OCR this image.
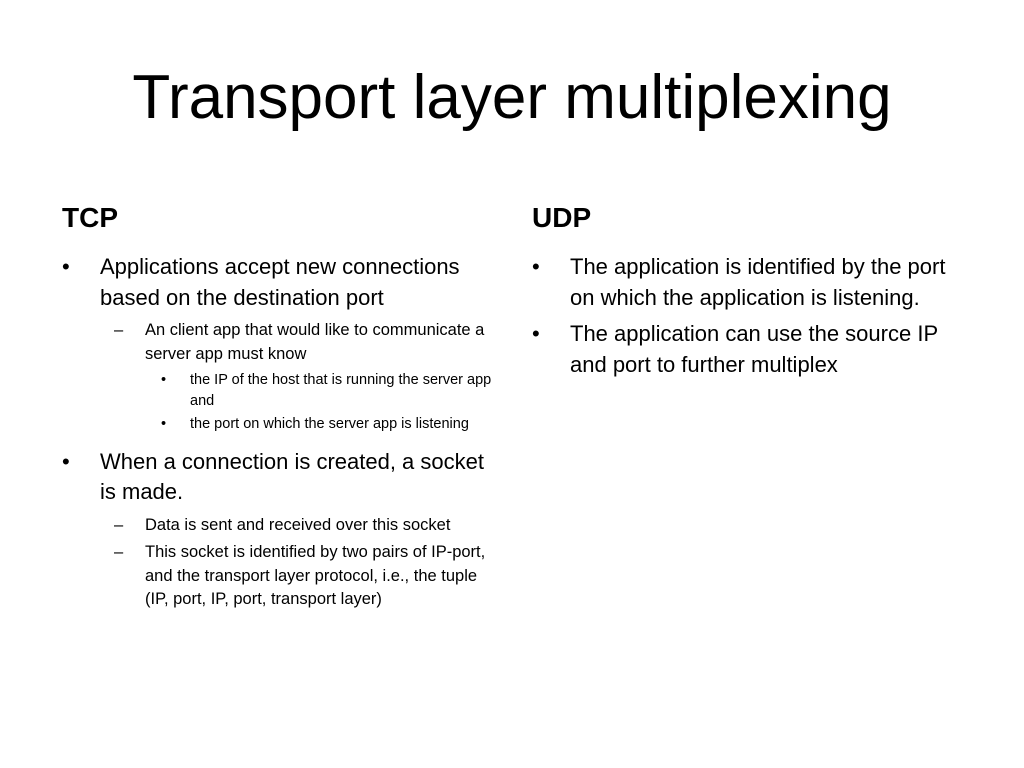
Transport layer multiplexing
TCP
• Applications accept new connections based on the destination port
– An client app that would like to communicate a server app must know
• the IP of the host that is running the server app and
• the port on which the server app is listening
• When a connection is created, a socket is made.
– Data is sent and received over this socket
– This socket is identified by two pairs of IP-port, and the transport layer protocol, i.e., the tuple (IP, port, IP, port, transport layer)
UDP
• The application is identified by the port on which the application is listening.
• The application can use the source IP and port to further multiplex
